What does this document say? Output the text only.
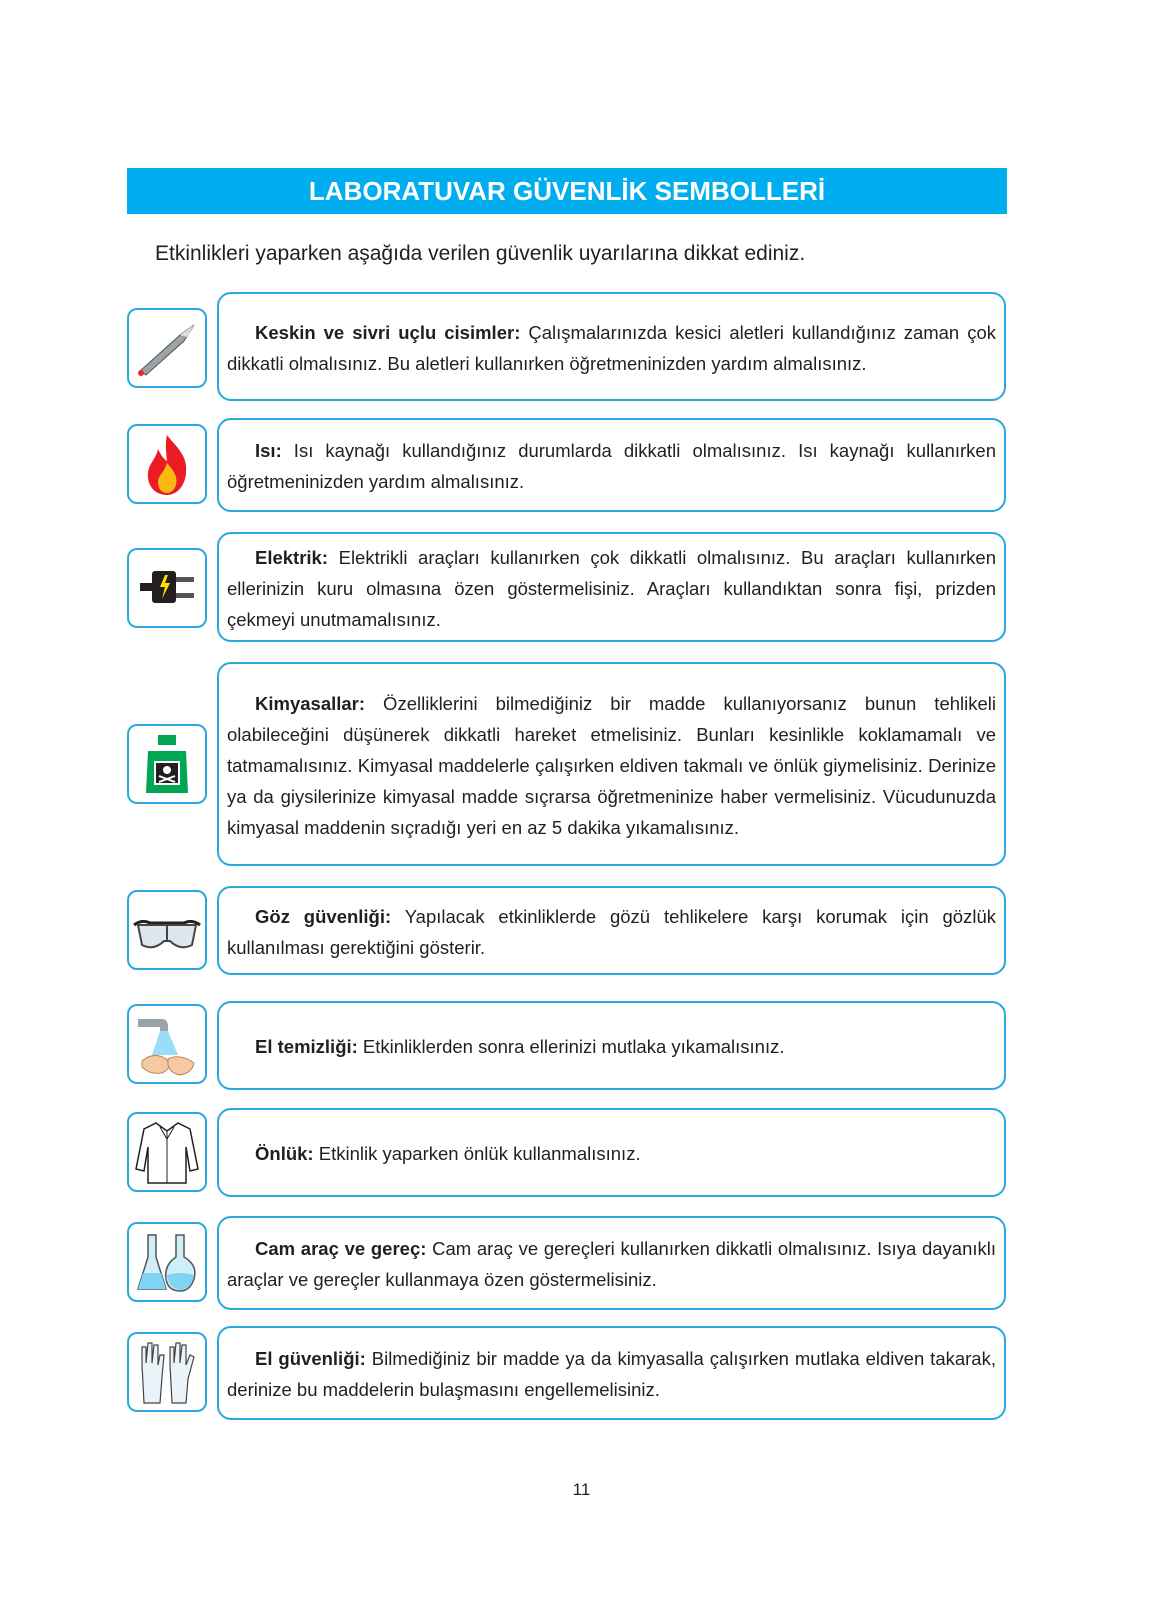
LABORATUVAR GÜVENLİK SEMBOLLERİ
Etkinlikleri yaparken aşağıda verilen güvenlik uyarılarına dikkat ediniz.

Keskin ve sivri uçlu cisimler: Çalışmalarınızda kesici aletleri kullandığınız zaman çok dikkatli olmalısınız. Bu aletleri kullanırken öğretmeninizden yardım almalısınız.

Isı: Isı kaynağı kullandığınız durumlarda dikkatli olmalısınız. Isı kaynağı kullanırken öğretmeninizden yardım almalısınız.

Elektrik: Elektrikli araçları kullanırken çok dikkatli olmalısınız. Bu araçları kullanırken ellerinizin kuru olmasına özen göstermelisiniz. Araçları kullandıktan sonra fişi, prizden çekmeyi unutmamalısınız.

Kimyasallar: Özelliklerini bilmediğiniz bir madde kullanıyorsanız bunun tehlikeli olabileceğini düşünerek dikkatli hareket etmelisiniz. Bunları kesinlikle koklamamalı ve tatmamalısınız. Kimyasal maddelerle çalışırken eldiven takmalı ve önlük giymelisiniz. Derinize ya da giysilerinize kimyasal madde sıçrarsa öğretmeninize haber vermelisiniz. Vücudunuzda kimyasal maddenin sıçradığı yeri en az 5 dakika yıkamalısınız.

Göz güvenliği: Yapılacak etkinliklerde gözü tehlikelere karşı korumak için gözlük kullanılması gerektiğini gösterir.

El temizliği: Etkinliklerden sonra ellerinizi mutlaka yıkamalısınız.

Önlük: Etkinlik yaparken önlük kullanmalısınız.

Cam araç ve gereç: Cam araç ve gereçleri kullanırken dikkatli olmalısınız. Isıya dayanıklı araçlar ve gereçler kullanmaya özen göstermelisiniz.

El güvenliği: Bilmediğiniz bir madde ya da kimyasalla çalışırken mutlaka eldiven takarak, derinize bu maddelerin bulaşmasını engellemelisiniz.

11
